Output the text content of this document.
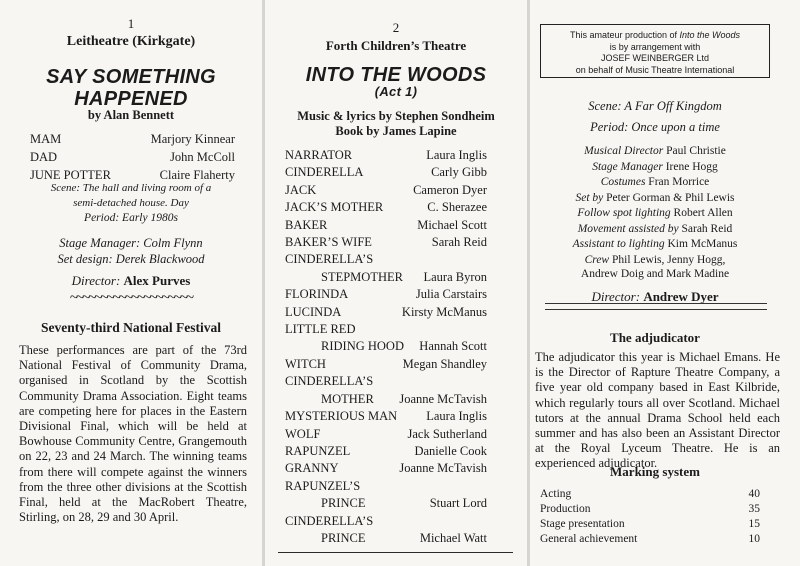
1
Leitheatre (Kirkgate)
SAY SOMETHING
HAPPENED
by Alan Bennett
MAM	Marjory Kinnear
DAD	John McColl
JUNE POTTER	Claire Flaherty
Scene: The hall and living room of a
semi-detached house. Day
Period: Early 1980s
Stage Manager: Colm Flynn
Set design: Derek Blackwood
Director: Alex Purves
~~~~~~~~~~~~~~~~~~~~
Seventy-third National Festival
These performances are part of the 73rd National Festival of Community Drama, organised in Scotland by the Scottish Community Drama Association. Eight teams are competing here for places in the Eastern Divisional Final, which will be held at Bowhouse Community Centre, Grangemouth on 22, 23 and 24 March. The winning teams from there will compete against the winners from the three other divisions at the Scottish Final, held at the MacRobert Theatre, Stirling, on 28, 29 and 30 April.
2
Forth Children’s Theatre
INTO THE WOODS
(Act 1)
Music & lyrics by Stephen Sondheim
Book by James Lapine
NARRATOR	Laura Inglis
CINDERELLA	Carly Gibb
JACK	Cameron Dyer
JACK’S MOTHER	C. Sherazee
BAKER	Michael Scott
BAKER’S WIFE	Sarah Reid
CINDERELLA’S
STEPMOTHER Laura Byron
FLORINDA	Julia Carstairs
LUCINDA	Kirsty McManus
LITTLE RED
RIDING HOOD Hannah Scott
WITCH	Megan Shandley
CINDERELLA’S
MOTHER Joanne McTavish
MYSTERIOUS MAN Laura Inglis
WOLF	Jack Sutherland
RAPUNZEL	Danielle Cook
GRANNY	Joanne McTavish
RAPUNZEL’S
PRINCE	Stuart Lord
CINDERELLA’S
PRINCE	Michael Watt
This amateur production of Into the Woods
is by arrangement with
JOSEF WEINBERGER Ltd
on behalf of Music Theatre International
Scene: A Far Off Kingdom
Period: Once upon a time
Musical Director Paul Christie
Stage Manager Irene Hogg
Costumes Fran Morrice
Set by Peter Gorman & Phil Lewis
Follow spot lighting Robert Allen
Movement assisted by Sarah Reid
Assistant to lighting Kim McManus
Crew Phil Lewis, Jenny Hogg,
Andrew Doig and Mark Madine
Director: Andrew Dyer
The adjudicator
The adjudicator this year is Michael Emans. He is the Director of Rapture Theatre Company, a five year old company based in East Kilbride, which regularly tours all over Scotland. Michael tutors at the annual Drama School held each summer and has also been an Assistant Director at the Royal Lyceum Theatre. He is an experienced adjudicator.
Marking system
Acting	40
Production	35
Stage presentation	15
General achievement	10
